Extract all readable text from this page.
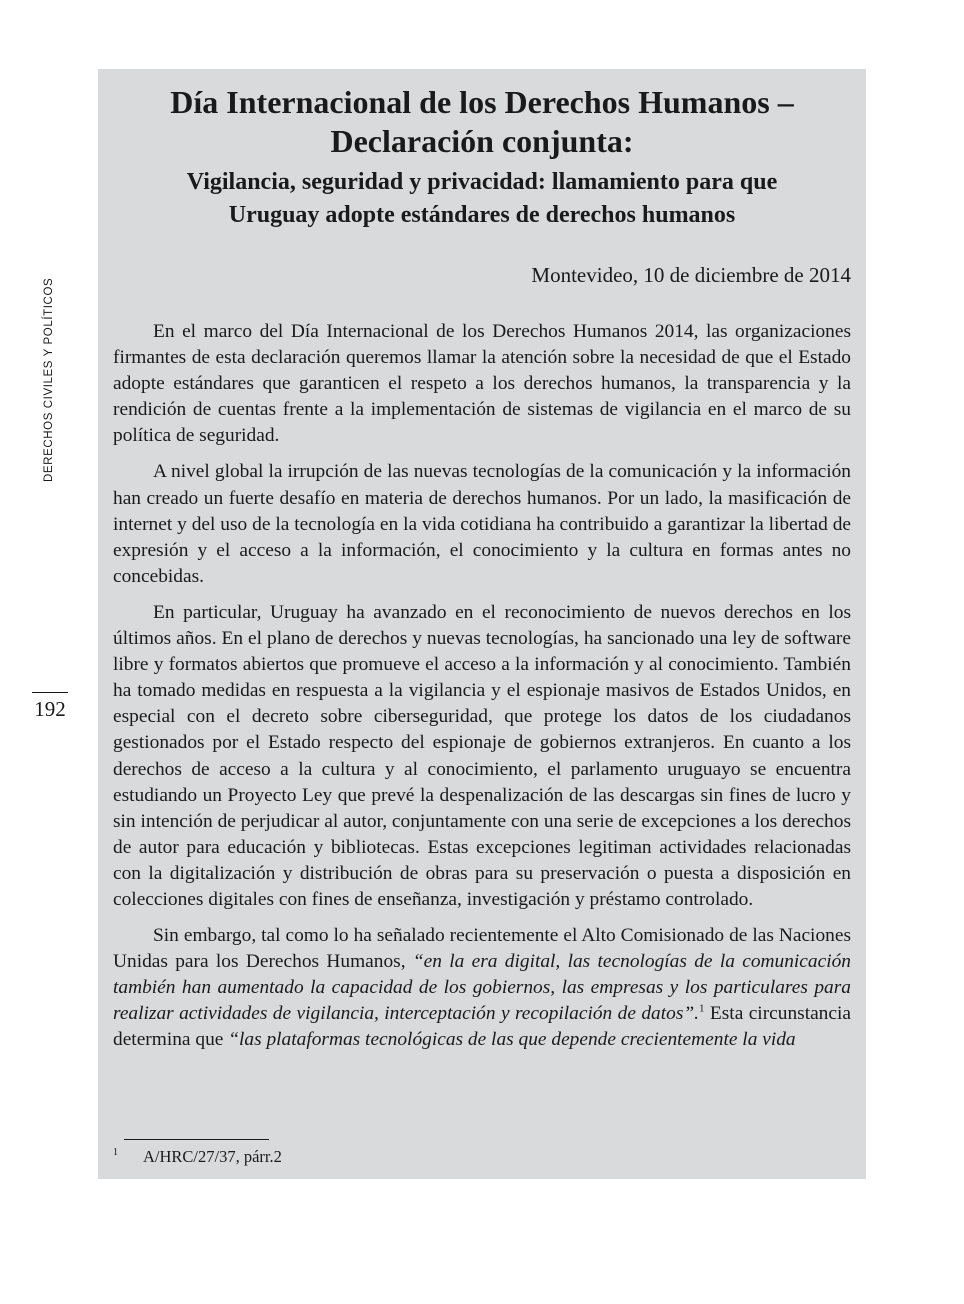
DERECHOS CIVILES Y POLÍTICOS
192
Día Internacional de los Derechos Humanos –
Declaración conjunta:
Vigilancia, seguridad y privacidad: llamamiento para que
Uruguay adopte estándares de derechos humanos
Montevideo, 10 de diciembre de 2014

En el marco del Día Internacional de los Derechos Humanos 2014, las organizaciones firmantes de esta declaración queremos llamar la atención sobre la necesidad de que el Estado adopte estándares que garanticen el respeto a los derechos humanos, la transparencia y la rendición de cuentas frente a la implementación de sistemas de vigilancia en el marco de su política de seguridad.

A nivel global la irrupción de las nuevas tecnologías de la comunicación y la información han creado un fuerte desafío en materia de derechos humanos. Por un lado, la masificación de internet y del uso de la tecnología en la vida cotidiana ha contribuido a garantizar la libertad de expresión y el acceso a la información, el conocimiento y la cultura en formas antes no concebidas.

En particular, Uruguay ha avanzado en el reconocimiento de nuevos derechos en los últimos años. En el plano de derechos y nuevas tecnologías, ha sancionado una ley de software libre y formatos abiertos que promueve el acceso a la información y al conocimiento. También ha tomado medidas en respuesta a la vigilancia y el espionaje masivos de Estados Unidos, en especial con el decreto sobre ciberseguridad, que protege los datos de los ciudadanos gestionados por el Estado respecto del espionaje de gobiernos extranjeros. En cuanto a los derechos de acceso a la cultura y al conocimiento, el parlamento uruguayo se encuentra estudiando un Proyecto Ley que prevé la despenalización de las descargas sin fines de lucro y sin intención de perjudicar al autor, conjuntamente con una serie de excepciones a los derechos de autor para educación y bibliotecas. Estas excepciones legitiman actividades relacionadas con la digitalización y distribución de obras para su preservación o puesta a disposición en colecciones digitales con fines de enseñanza, investigación y préstamo controlado.

Sin embargo, tal como lo ha señalado recientemente el Alto Comisionado de las Naciones Unidas para los Derechos Humanos, “en la era digital, las tecnologías de la comunicación también han aumentado la capacidad de los gobiernos, las empresas y los particulares para realizar actividades de vigilancia, interceptación y recopilación de datos”.$^1$ Esta circunstancia determina que “las plataformas tecnológicas de las que depende crecientemente la vida

1 A/HRC/27/37, párr.2
